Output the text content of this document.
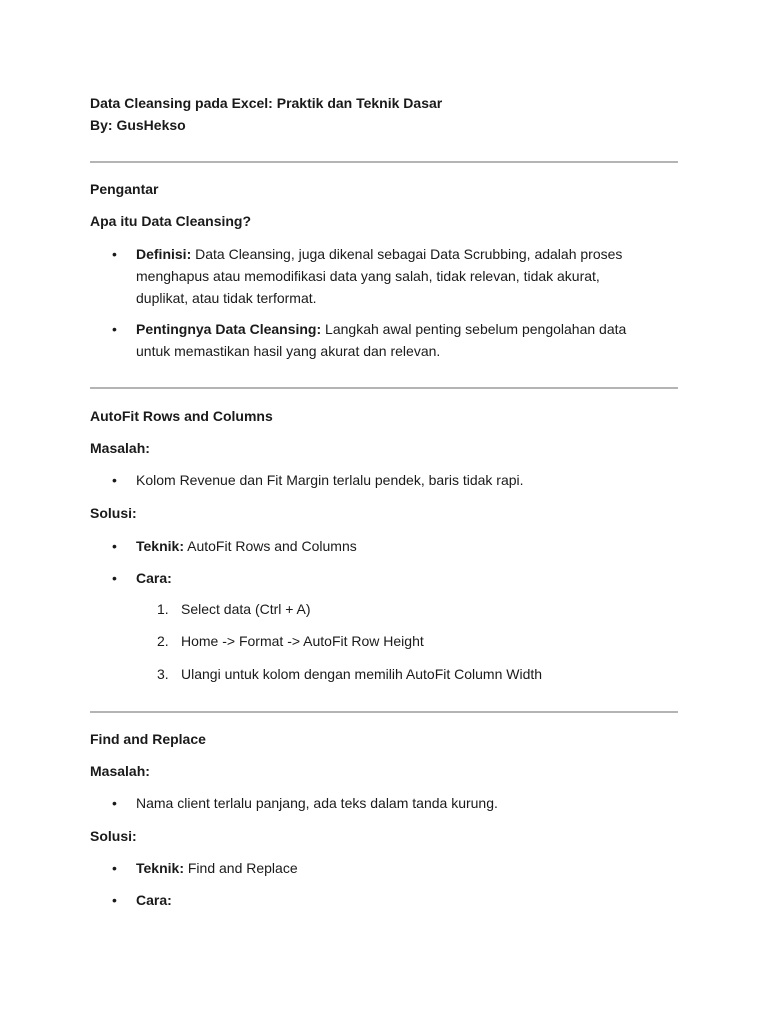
Data Cleansing pada Excel: Praktik dan Teknik Dasar
By: GusHekso
Pengantar
Apa itu Data Cleansing?
•	Definisi: Data Cleansing, juga dikenal sebagai Data Scrubbing, adalah proses menghapus atau memodifikasi data yang salah, tidak relevan, tidak akurat, duplikat, atau tidak terformat.
•	Pentingnya Data Cleansing: Langkah awal penting sebelum pengolahan data untuk memastikan hasil yang akurat dan relevan.
AutoFit Rows and Columns
Masalah:
•	Kolom Revenue dan Fit Margin terlalu pendek, baris tidak rapi.
Solusi:
•	Teknik: AutoFit Rows and Columns
•	Cara:
1. Select data (Ctrl + A)
2. Home -> Format -> AutoFit Row Height
3. Ulangi untuk kolom dengan memilih AutoFit Column Width
Find and Replace
Masalah:
•	Nama client terlalu panjang, ada teks dalam tanda kurung.
Solusi:
•	Teknik: Find and Replace
•	Cara:
